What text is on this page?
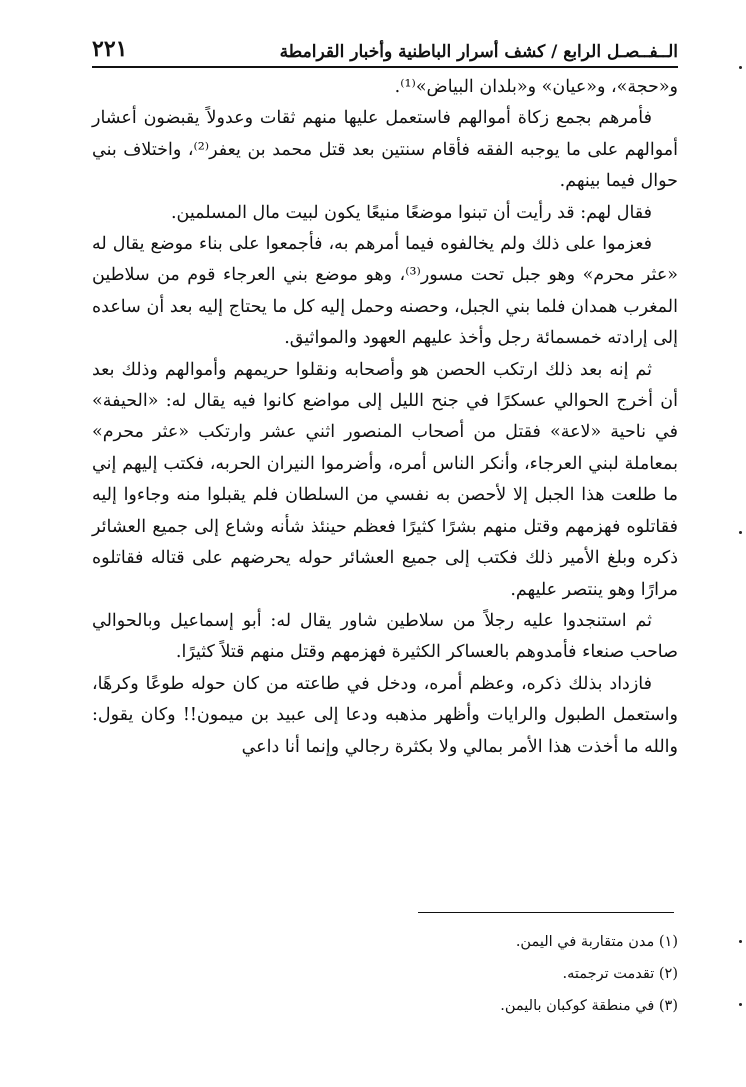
الــفــصـل الرابع / كشف أسرار الباطنية وأخبار القرامطة
٢٢١

و«حجة»، و«عيان» و«بلدان البياض»⁽¹⁾.

فأمرهم بجمع زكاة أموالهم فاستعمل عليها منهم ثقات وعدولاً يقبضون أعشار أموالهم على ما يوجبه الفقه فأقام سنتين بعد قتل محمد بن يعفر⁽²⁾، واختلاف بني حوال فيما بينهم.

فقال لهم: قد رأيت أن تبنوا موضعًا منيعًا يكون لبيت مال المسلمين.

فعزموا على ذلك ولم يخالفوه فيما أمرهم به، فأجمعوا على بناء موضع يقال له «عثر محرم» وهو جبل تحت مسور⁽³⁾، وهو موضع بني العرجاء قوم من سلاطين المغرب همدان فلما بني الجبل، وحصنه وحمل إليه كل ما يحتاج إليه بعد أن ساعده إلى إرادته خمسمائة رجل وأخذ عليهم العهود والمواثيق.

ثم إنه بعد ذلك ارتكب الحصن هو وأصحابه ونقلوا حريمهم وأموالهم وذلك بعد أن أخرج الحوالي عسكرًا في جنح الليل إلى مواضع كانوا فيه يقال له: «الحيفة» في ناحية «لاعة» فقتل من أصحاب المنصور اثني عشر وارتكب «عثر محرم» بمعاملة لبني العرجاء، وأنكر الناس أمره، وأضرموا النيران الحربه، فكتب إليهم إني ما طلعت هذا الجبل إلا لأحصن به نفسي من السلطان فلم يقبلوا منه وجاءوا إليه فقاتلوه فهزمهم وقتل منهم بشرًا كثيرًا فعظم حينئذ شأنه وشاع إلى جميع العشائر ذكره وبلغ الأمير ذلك فكتب إلى جميع العشائر حوله يحرضهم على قتاله فقاتلوه مرارًا وهو ينتصر عليهم.

ثم استنجدوا عليه رجلاً من سلاطين شاور يقال له: أبو إسماعيل وبالحوالي صاحب صنعاء فأمدوهم بالعساكر الكثيرة فهزمهم وقتل منهم قتلاً كثيرًا.

فازداد بذلك ذكره، وعظم أمره، ودخل في طاعته من كان حوله طوعًا وكرهًا، واستعمل الطبول والرايات وأظهر مذهبه ودعا إلى عبيد بن ميمون!! وكان يقول: والله ما أخذت هذا الأمر بمالي ولا بكثرة رجالي وإنما أنا داعي

(١) مدن متقاربة في اليمن.

(٢) تقدمت ترجمته.

(٣) في منطقة كوكبان باليمن.
